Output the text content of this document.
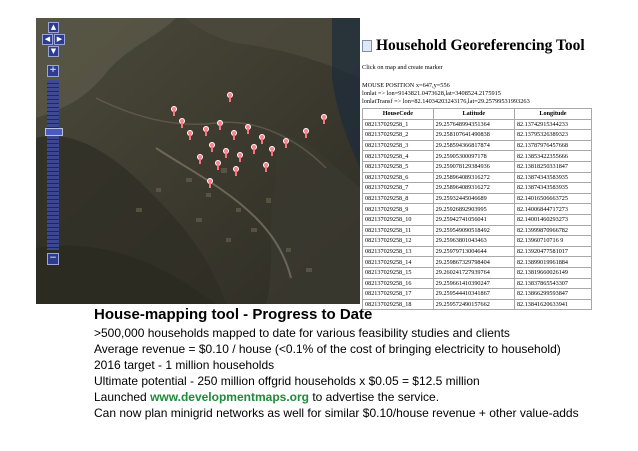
▲
◀ ▶
▼
+
−
Household Georeferencing Tool
Click on map and create marker
MOUSE POSITION x=647,y=556
lonlat => lon=9143821.0473628,lat=3408524.2175915
lonlatTransf => lon=82.14034203243176,lat=29.25799531993263
HouseCode	Latitude	Longitude
082137029258_1	29.257648994351364	82.13742915344233
082137029258_2	29.258107641490838	82.13795326389323
082137029258_3	29.258594366817874	82.13787976457668
082137029258_4	29.25905300097178	82.13853422355666
082137029258_5	29.259078129384936	82.13818250331847
082137029258_6	29.258964089316272	82.13874343583935
082137029258_7	29.258964089316272	82.13874343583935
082137029258_8	29.25932445046689	82.14016506663725
082137029258_9	29.25926892903995	82.14006844717273
082137029258_10	29.25942741056041	82.14001460293273
082137029258_11	29.259549090518492	82.13999870966782
082137029258_12	29.25963801043463	82.13960710716 9
082137029258_13	29.25979713004644	82.13920477581017
082137029258_14	29.259867329798404	82.13899019961884
082137029258_15	29.260241727939764	82.13819660026149
082137029258_16	29.259661410390247	82.13837865543307
082137029258_17	29.259544410341867	82.13866299593847
082137029258_18	29.259572490157662	82.13841620633941
House-mapping tool - Progress to Date
>500,000 households mapped to date for various feasibility studies and clients
Average revenue = $0.10 / house (<0.1% of the cost of bringing electricity to household)
2016 target - 1 million households
Ultimate potential - 250 million offgrid households x $0.05 = $12.5 million
Launched www.developmentmaps.org to advertise the service.
Can now plan minigrid networks as well for similar $0.10/house revenue + other value-adds
